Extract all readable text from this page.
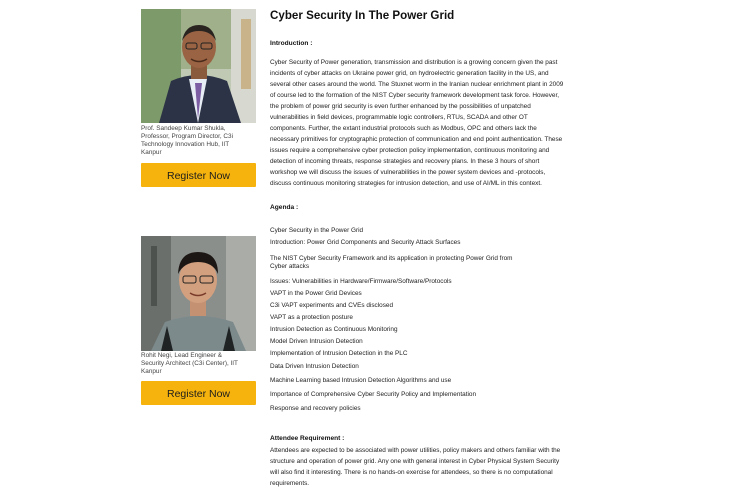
Prof. Sandeep Kumar Shukla,
Professor, Program Director, C3i
Technology Innovation Hub, IIT
Kanpur
Register Now
Rohit Negi, Lead Engineer &
Security Architect (C3i Center), IIT
Kanpur
Register Now
Cyber Security In The Power Grid
Introduction :
Cyber Security of Power generation, transmission and distribution is a growing concern given the past
incidents of cyber attacks on Ukraine power grid, on hydroelectric generation facility in the US, and
several other cases around the world. The Stuxnet worm in the Iranian nuclear enrichment plant in 2009
of course led to the formation of the NIST Cyber security framework development task force. However,
the problem of power grid security is even further enhanced by the possibilities of unpatched
vulnerabilities in field devices, programmable logic controllers, RTUs, SCADA and other OT
components. Further, the extant industrial protocols such as Modbus, OPC and others lack the
necessary primitives for cryptographic protection of communication and end point authentication. These
issues require a comprehensive cyber protection policy implementation, continuous monitoring and
detection of incoming threats, response strategies and recovery plans. In these 3 hours of short
workshop we will discuss the issues of vulnerabilities in the power system devices and -protocols,
discuss continuous monitoring strategies for intrusion detection, and use of AI/ML in this context.
Agenda :
Cyber Security in the Power Grid
Introduction: Power Grid Components and Security Attack Surfaces
The NIST Cyber Security Framework and its application in protecting Power Grid from
Cyber attacks
Issues: Vulnerabilities in Hardware/Firmware/Software/Protocols
VAPT in the Power Grid Devices
C3i VAPT experiments and CVEs disclosed
VAPT as a protection posture
Intrusion Detection as Continuous Monitoring
Model Driven Intrusion Detection
Implementation of Intrusion Detection in the PLC
Data Driven Intrusion Detection
Machine Learning based Intrusion Detection Algorithms and use
Importance of Comprehensive Cyber Security Policy and Implementation
Response and recovery policies
Attendee Requirement :
Attendees are expected to be associated with power utilities, policy makers and others familiar with the
structure and operation of power grid. Any one with general interest in Cyber Physical System Security
will also find it interesting. There is no hands-on exercise for attendees, so there is no computational
requirements.
